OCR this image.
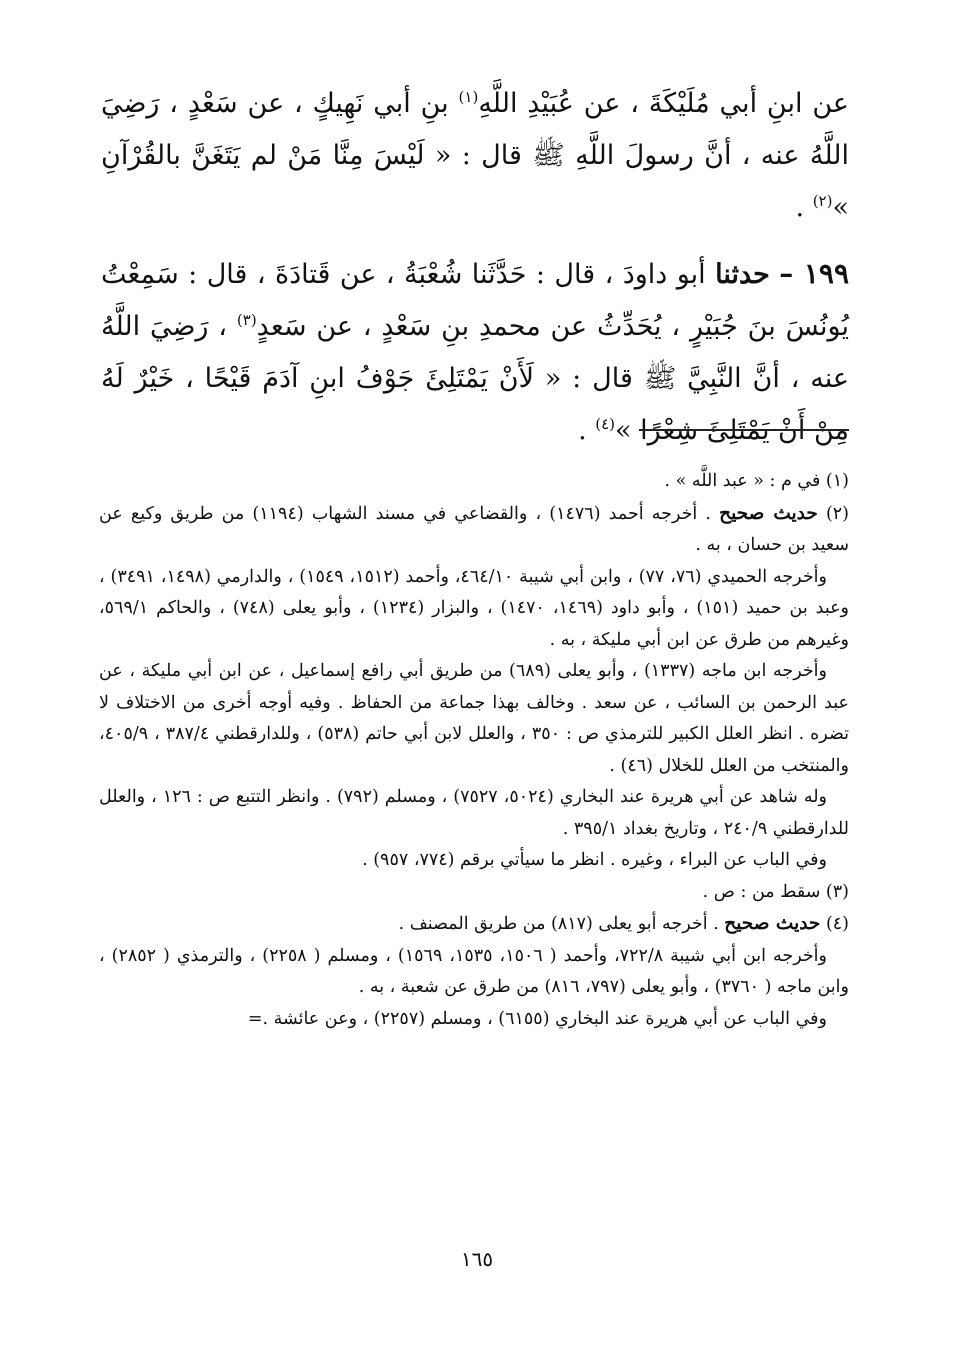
عن ابنِ أبي مُلَيْكَةَ ، عن عُبَيْدِ اللَّهِ$^{(١)}$ بنِ أبي نَهِيكٍ ، عن سَعْدٍ ، رَضِيَ اللَّهُ عنه ، أنَّ رسولَ اللَّهِ ﷺ قال : « لَيْسَ مِنَّا مَنْ لم يَتَغَنَّ بالقُرْآنِ »$^{(٢)}$ .

١٩٩ – حدثنا أبو داودَ ، قال : حَدَّثَنا شُعْبَةُ ، عن قَتادَةَ ، قال : سَمِعْتُ يُونُسَ بنَ جُبَيْرٍ ، يُحَدِّثُ عن محمدِ بنِ سَعْدٍ ، عن سَعدٍ$^{(٣)}$ ، رَضِيَ اللَّهُ عنه ، أنَّ النَّبِيَّ ﷺ قال : « لَأَنْ يَمْتَلِئَ جَوْفُ ابنِ آدَمَ قَيْحًا ، خَيْرٌ لَهُ مِنْ أَنْ يَمْتَلِئَ شِعْرًا »$^{(٤)}$ .

(١) في م : « عبد اللَّه » .

(٢) حديث صحيح . أخرجه أحمد (١٤٧٦) ، والقضاعي في مسند الشهاب (١١٩٤) من طريق وكيع عن سعيد بن حسان ، به .

وأخرجه الحميدي (٧٦، ٧٧) ، وابن أبي شيبة ٤٦٤/١٠، وأحمد (١٥١٢، ١٥٤٩) ، والدارمي (١٤٩٨، ٣٤٩١) ، وعبد بن حميد (١٥١) ، وأبو داود (١٤٦٩، ١٤٧٠) ، والبزار (١٢٣٤) ، وأبو يعلى (٧٤٨) ، والحاكم ٥٦٩/١، وغيرهم من طرق عن ابن أبي مليكة ، به .

وأخرجه ابن ماجه (١٣٣٧) ، وأبو يعلى (٦٨٩) من طريق أبي رافع إسماعيل ، عن ابن أبي مليكة ، عن عبد الرحمن بن السائب ، عن سعد . وخالف بهذا جماعة من الحفاظ . وفيه أوجه أخرى من الاختلاف لا تضره . انظر العلل الكبير للترمذي ص : ٣٥٠ ، والعلل لابن أبي حاتم (٥٣٨) ، وللدارقطني ٣٨٧/٤ ، ٤٠٥/٩، والمنتخب من العلل للخلال (٤٦) .

وله شاهد عن أبي هريرة عند البخاري (٥٠٢٤، ٧٥٢٧) ، ومسلم (٧٩٢) . وانظر التتبع ص : ١٢٦ ، والعلل للدارقطني ٢٤٠/٩ ، وتاريخ بغداد ٣٩٥/١ .

وفي الباب عن البراء ، وغيره . انظر ما سيأتي برقم (٧٧٤، ٩٥٧) .

(٣) سقط من : ص .

(٤) حديث صحيح . أخرجه أبو يعلى (٨١٧) من طريق المصنف .

وأخرجه ابن أبي شيبة ٧٢٢/٨، وأحمد ( ١٥٠٦، ١٥٣٥، ١٥٦٩) ، ومسلم ( ٢٢٥٨) ، والترمذي ( ٢٨٥٢) ، وابن ماجه ( ٣٧٦٠) ، وأبو يعلى (٧٩٧، ٨١٦) من طرق عن شعبة ، به .

وفي الباب عن أبي هريرة عند البخاري (٦١٥٥) ، ومسلم (٢٢٥٧) ، وعن عائشة .=

١٦٥
